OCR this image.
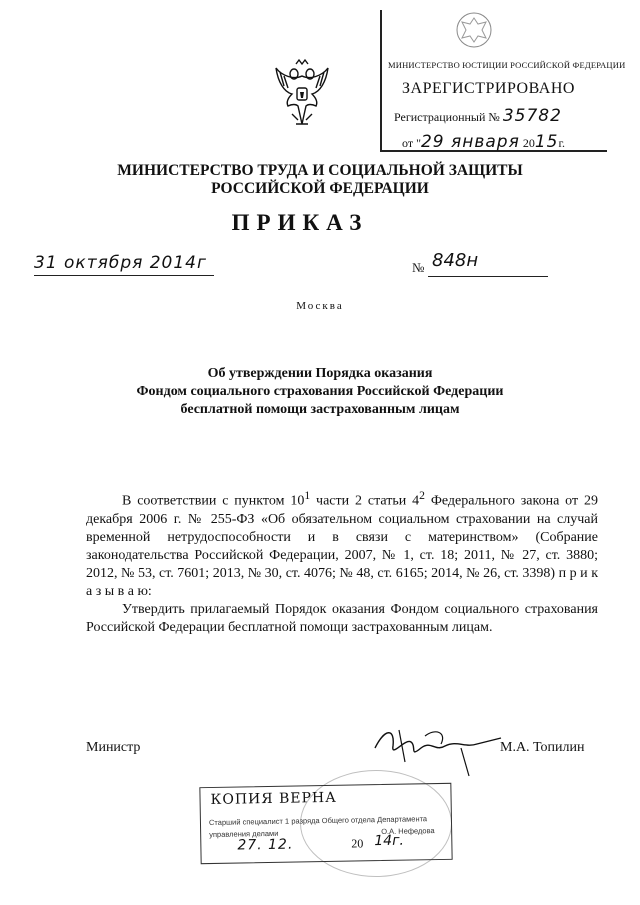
МИНИСТЕРСТВО ЮСТИЦИИ РОССИЙСКОЙ ФЕДЕРАЦИИ
ЗАРЕГИСТРИРОВАНО
Регистрационный № 35782
от "29 января 2015г.
МИНИСТЕРСТВО ТРУДА И СОЦИАЛЬНОЙ ЗАЩИТЫ
РОССИЙСКОЙ ФЕДЕРАЦИИ
ПРИКАЗ
31 октября 2014г	№ 848н
Москва
Об утверждении Порядка оказания
Фондом социального страхования Российской Федерации
бесплатной помощи застрахованным лицам

В соответствии с пунктом $10^1$ части 2 статьи $4^2$ Федерального закона от 29 декабря 2006 г. № 255-ФЗ «Об обязательном социальном страховании на случай временной нетрудоспособности и в связи с материнством» (Собрание законодательства Российской Федерации, 2007, № 1, ст. 18; 2011, № 27, ст. 3880; 2012, № 53, ст. 7601; 2013, № 30, ст. 4076; № 48, ст. 6165; 2014, № 26, ст. 3398) п р и к а з ы в а ю:

Утвердить прилагаемый Порядок оказания Фондом социального страхования Российской Федерации бесплатной помощи застрахованным лицам.

Министр	М.А. Топилин
КОПИЯ ВЕРНА
Старший специалист 1 разряда Общего отдела Департамента
управления делами	О.А. Нефедова
27. 12.	20 14г.
